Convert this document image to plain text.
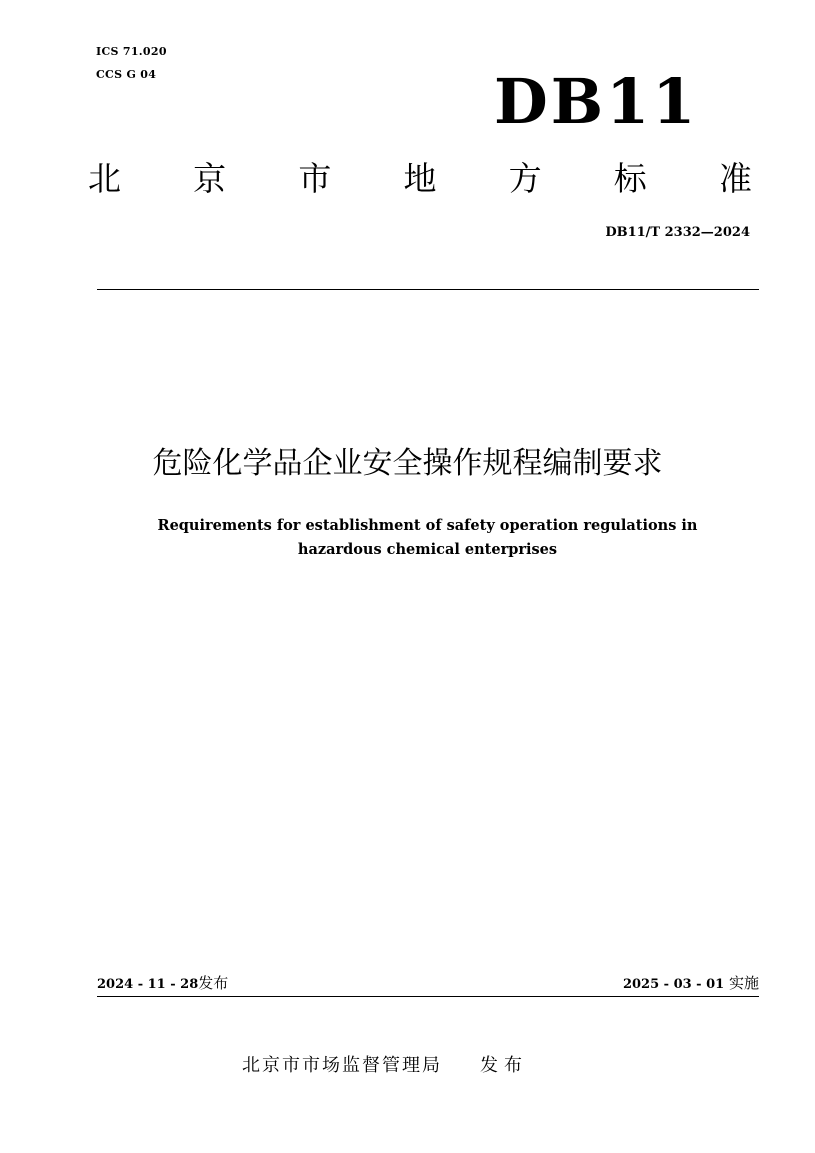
ICS 71.020
CCS G 04	DB11
北 京 市 地 方 标 准
DB11/T 2332—2024
危险化学品企业安全操作规程编制要求
Requirements for establishment of safety operation regulations in
hazardous chemical enterprises
2024 - 11 - 28发布	2025 - 03 - 01 实施
北京市市场监督管理局 发布
